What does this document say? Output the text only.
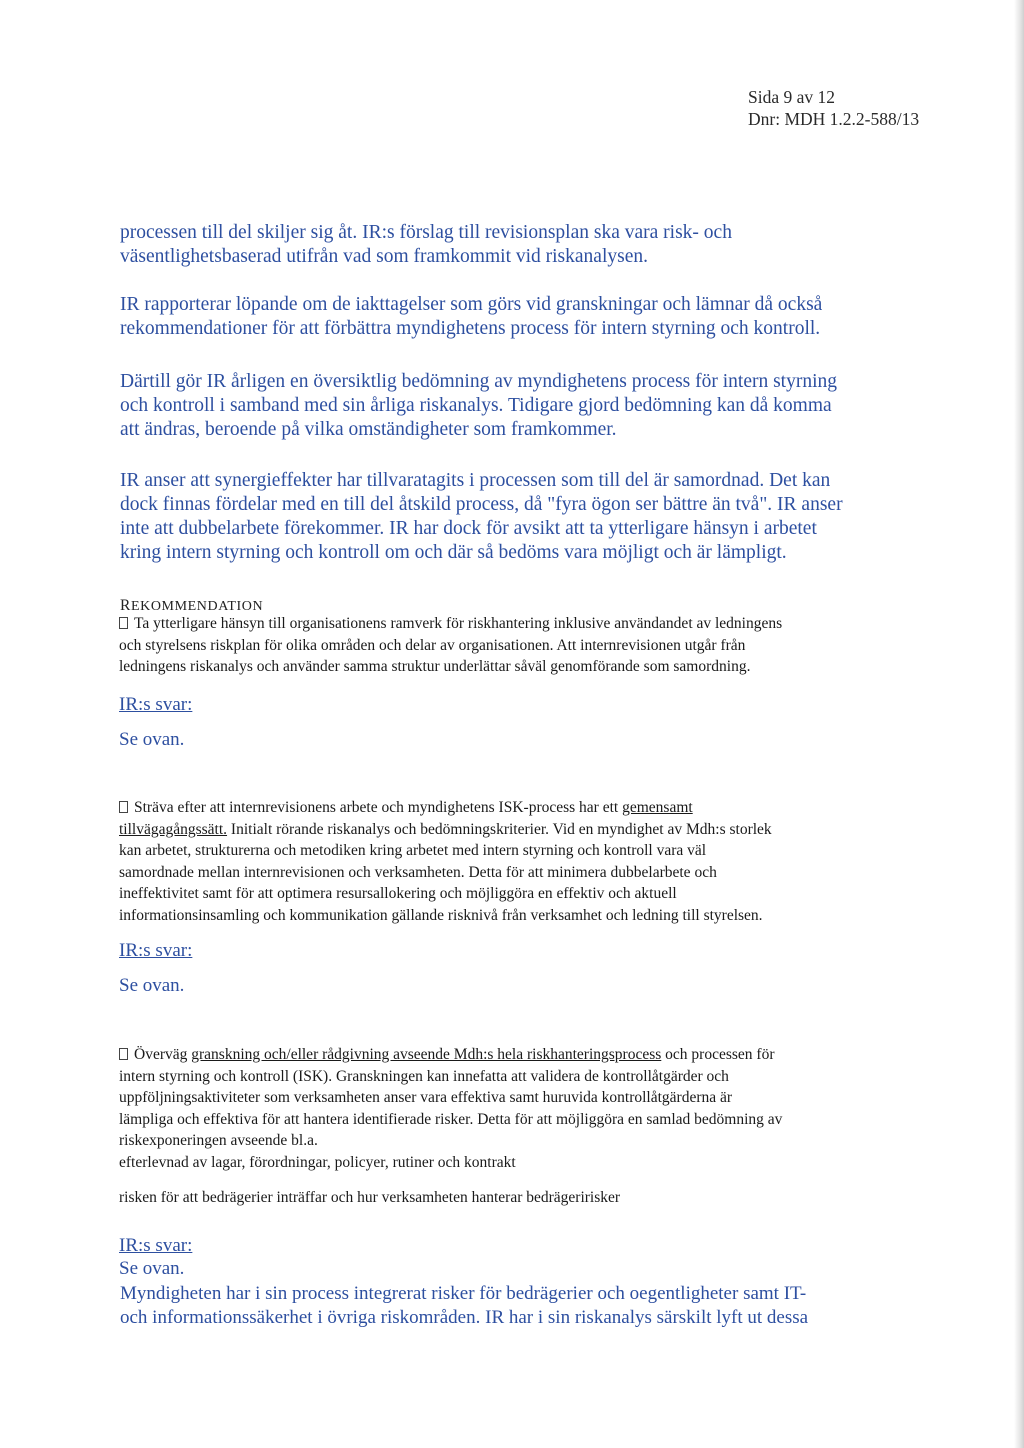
Sida 9 av 12
Dnr: MDH 1.2.2-588/13

processen till del skiljer sig åt. IR:s förslag till revisionsplan ska vara risk- och
väsentlighetsbaserad utifrån vad som framkommit vid riskanalysen.

IR rapporterar löpande om de iakttagelser som görs vid granskningar och lämnar då också
rekommendationer för att förbättra myndighetens process för intern styrning och kontroll.

Därtill gör IR årligen en översiktlig bedömning av myndighetens process för intern styrning
och kontroll i samband med sin årliga riskanalys. Tidigare gjord bedömning kan då komma
att ändras, beroende på vilka omständigheter som framkommer.

IR anser att synergieffekter har tillvaratagits i processen som till del är samordnad. Det kan
dock finnas fördelar med en till del åtskild process, då "fyra ögon ser bättre än två". IR anser
inte att dubbelarbete förekommer. IR har dock för avsikt att ta ytterligare hänsyn i arbetet
kring intern styrning och kontroll om och där så bedöms vara möjligt och är lämpligt.

REKOMMENDATION

Ta ytterligare hänsyn till organisationens ramverk för riskhantering inklusive användandet av ledningens
och styrelsens riskplan för olika områden och delar av organisationen. Att internrevisionen utgår från
ledningens riskanalys och använder samma struktur underlättar såväl genomförande som samordning.

IR:s svar:
Se ovan.

Sträva efter att internrevisionens arbete och myndighetens ISK-process har ett gemensamt
tillvägagångssätt. Initialt rörande riskanalys och bedömningskriterier. Vid en myndighet av Mdh:s storlek
kan arbetet, strukturerna och metodiken kring arbetet med intern styrning och kontroll vara väl
samordnade mellan internrevisionen och verksamheten. Detta för att minimera dubbelarbete och
ineffektivitet samt för att optimera resursallokering och möjliggöra en effektiv och aktuell
informationsinsamling och kommunikation gällande risknivå från verksamhet och ledning till styrelsen.

IR:s svar:
Se ovan.

Överväg granskning och/eller rådgivning avseende Mdh:s hela riskhanteringsprocess och processen för
intern styrning och kontroll (ISK). Granskningen kan innefatta att validera de kontrollåtgärder och
uppföljningsaktiviteter som verksamheten anser vara effektiva samt huruvida kontrollåtgärderna är
lämpliga och effektiva för att hantera identifierade risker. Detta för att möjliggöra en samlad bedömning av
riskexponeringen avseende bl.a.
efterlevnad av lagar, förordningar, policyer, rutiner och kontrakt

risken för att bedrägerier inträffar och hur verksamheten hanterar bedrägeririsker

IR:s svar:
Se ovan.

Myndigheten har i sin process integrerat risker för bedrägerier och oegentligheter samt IT-
och informationssäkerhet i övriga riskområden. IR har i sin riskanalys särskilt lyft ut dessa
